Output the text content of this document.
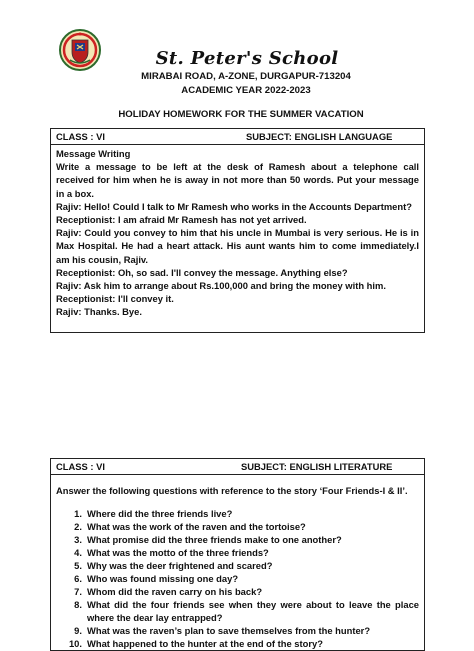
St. Peter's School
MIRABAI ROAD, A-ZONE, DURGAPUR-713204
ACADEMIC YEAR 2022-2023
HOLIDAY HOMEWORK FOR THE SUMMER VACATION
CLASS : VI	SUBJECT: ENGLISH LANGUAGE

Message Writing
Write a message to be left at the desk of Ramesh about a telephone call
received for him when he is away in not more than 50 words. Put your message
in a box.
Rajiv: Hello! Could I talk to Mr Ramesh who works in the Accounts Department?
Receptionist: I am afraid Mr Ramesh has not yet arrived.
Rajiv: Could you convey to him that his uncle in Mumbai is very serious. He is in
Max Hospital. He had a heart attack. His aunt wants him to come immediately.I
am his cousin, Rajiv.
Receptionist: Oh, so sad. I'll convey the message. Anything else?
Rajiv: Ask him to arrange about Rs.100,000 and bring the money with him.
Receptionist: I'll convey it.
Rajiv: Thanks. Bye.
CLASS : VI	SUBJECT: ENGLISH LITERATURE

Answer the following questions with reference to the story ‘Four Friends-I & II’.
1. Where did the three friends live?
2. What was the work of the raven and the tortoise?
3. What promise did the three friends make to one another?
4. What was the motto of the three friends?
5. Why was the deer frightened and scared?
6. Who was found missing one day?
7. Whom did the raven carry on his back?
8. What did the four friends see when they were about to leave the place where the dear lay entrapped?
9. What was the raven’s plan to save themselves from the hunter?
10. What happened to the hunter at the end of the story?
